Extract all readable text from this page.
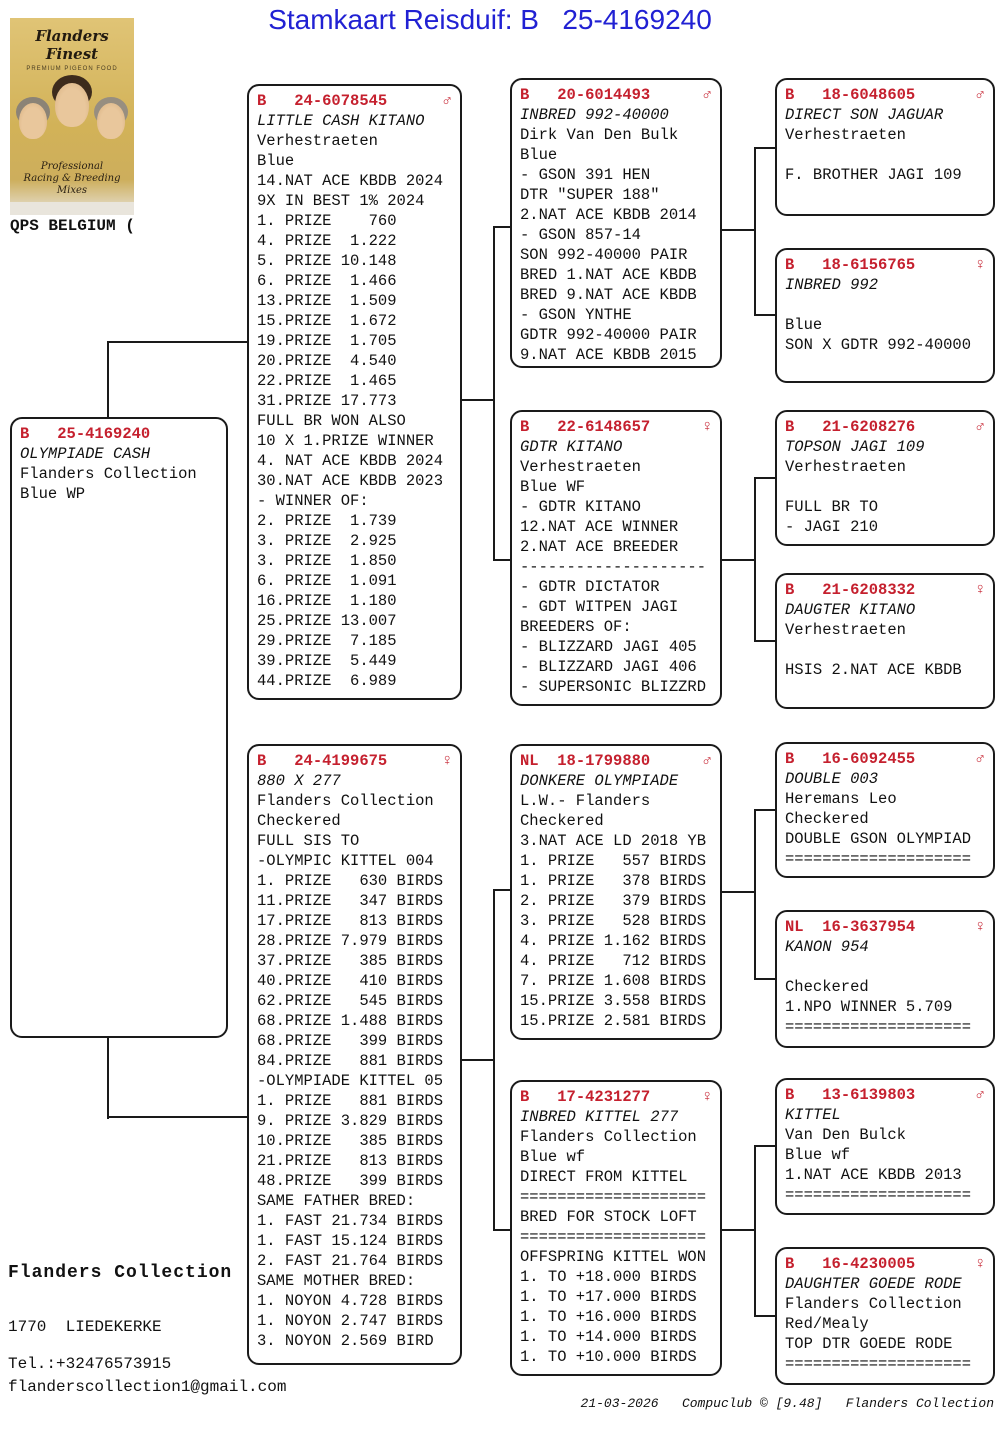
Stamkaart Reisduif: B   25-4169240
Flanders Finest
PREMIUM PIGEON FOOD
Professional
Racing & Breeding Mixes
QPS BELGIUM (
B   25-4169240
OLYMPIADE CASH
Flanders Collection
Blue WP
B   24-6078545	♂
LITTLE CASH KITANO
Verhestraeten
Blue
14.NAT ACE KBDB 2024
9X IN BEST 1% 2024
1. PRIZE    760
4. PRIZE  1.222
5. PRIZE 10.148
6. PRIZE  1.466
13.PRIZE  1.509
15.PRIZE  1.672
19.PRIZE  1.705
20.PRIZE  4.540
22.PRIZE  1.465
31.PRIZE 17.773
FULL BR WON ALSO
10 X 1.PRIZE WINNER
4. NAT ACE KBDB 2024
30.NAT ACE KBDB 2023
- WINNER OF:
2. PRIZE  1.739
3. PRIZE  2.925
3. PRIZE  1.850
6. PRIZE  1.091
16.PRIZE  1.180
25.PRIZE 13.007
29.PRIZE  7.185
39.PRIZE  5.449
44.PRIZE  6.989
B   24-4199675	♀
880 X 277
Flanders Collection
Checkered
FULL SIS TO
-OLYMPIC KITTEL 004
1. PRIZE   630 BIRDS
11.PRIZE   347 BIRDS
17.PRIZE   813 BIRDS
28.PRIZE 7.979 BIRDS
37.PRIZE   385 BIRDS
40.PRIZE   410 BIRDS
62.PRIZE   545 BIRDS
68.PRIZE 1.488 BIRDS
68.PRIZE   399 BIRDS
84.PRIZE   881 BIRDS
-OLYMPIADE KITTEL 05
1. PRIZE   881 BIRDS
9. PRIZE 3.829 BIRDS
10.PRIZE   385 BIRDS
21.PRIZE   813 BIRDS
48.PRIZE   399 BIRDS
SAME FATHER BRED:
1. FAST 21.734 BIRDS
1. FAST 15.124 BIRDS
2. FAST 21.764 BIRDS
SAME MOTHER BRED:
1. NOYON 4.728 BIRDS
1. NOYON 2.747 BIRDS
3. NOYON 2.569 BIRD
B   20-6014493	♂
INBRED 992-40000
Dirk Van Den Bulk
Blue
- GSON 391 HEN
DTR "SUPER 188"
2.NAT ACE KBDB 2014
- GSON 857-14
SON 992-40000 PAIR
BRED 1.NAT ACE KBDB
BRED 9.NAT ACE KBDB
- GSON YNTHE
GDTR 992-40000 PAIR
9.NAT ACE KBDB 2015
B   22-6148657	♀
GDTR KITANO
Verhestraeten
Blue WF
- GDTR KITANO
12.NAT ACE WINNER
2.NAT ACE BREEDER
--------------------
- GDTR DICTATOR
- GDT WITPEN JAGI
BREEDERS OF:
- BLIZZARD JAGI 405
- BLIZZARD JAGI 406
- SUPERSONIC BLIZZRD
NL  18-1799880	♂
DONKERE OLYMPIADE
L.W.- Flanders
Checkered
3.NAT ACE LD 2018 YB
1. PRIZE   557 BIRDS
1. PRIZE   378 BIRDS
2. PRIZE   379 BIRDS
3. PRIZE   528 BIRDS
4. PRIZE 1.162 BIRDS
4. PRIZE   712 BIRDS
7. PRIZE 1.608 BIRDS
15.PRIZE 3.558 BIRDS
15.PRIZE 2.581 BIRDS
B   17-4231277	♀
INBRED KITTEL 277
Flanders Collection
Blue wf
DIRECT FROM KITTEL
====================
BRED FOR STOCK LOFT
====================
OFFSPRING KITTEL WON
1. TO +18.000 BIRDS
1. TO +17.000 BIRDS
1. TO +16.000 BIRDS
1. TO +14.000 BIRDS
1. TO +10.000 BIRDS
B   18-6048605	♂
DIRECT SON JAGUAR
Verhestraeten

F. BROTHER JAGI 109
B   18-6156765	♀
INBRED 992

Blue
SON X GDTR 992-40000
B   21-6208276	♂
TOPSON JAGI 109
Verhestraeten

FULL BR TO
- JAGI 210
B   21-6208332	♀
DAUGTER KITANO
Verhestraeten

HSIS 2.NAT ACE KBDB
B   16-6092455	♂
DOUBLE 003
Heremans Leo
Checkered
DOUBLE GSON OLYMPIAD
====================
NL  16-3637954	♀
KANON 954

Checkered
1.NPO WINNER 5.709
====================
B   13-6139803	♂
KITTEL
Van Den Bulck
Blue wf
1.NAT ACE KBDB 2013
====================
B   16-4230005	♀
DAUGHTER GOEDE RODE
Flanders Collection
Red/Mealy
TOP DTR GOEDE RODE
====================
Flanders Collection
1770  LIEDEKERKE
Tel.:+32476573915
flanderscollection1@gmail.com
21-03-2026   Compuclub © [9.48]   Flanders Collection
